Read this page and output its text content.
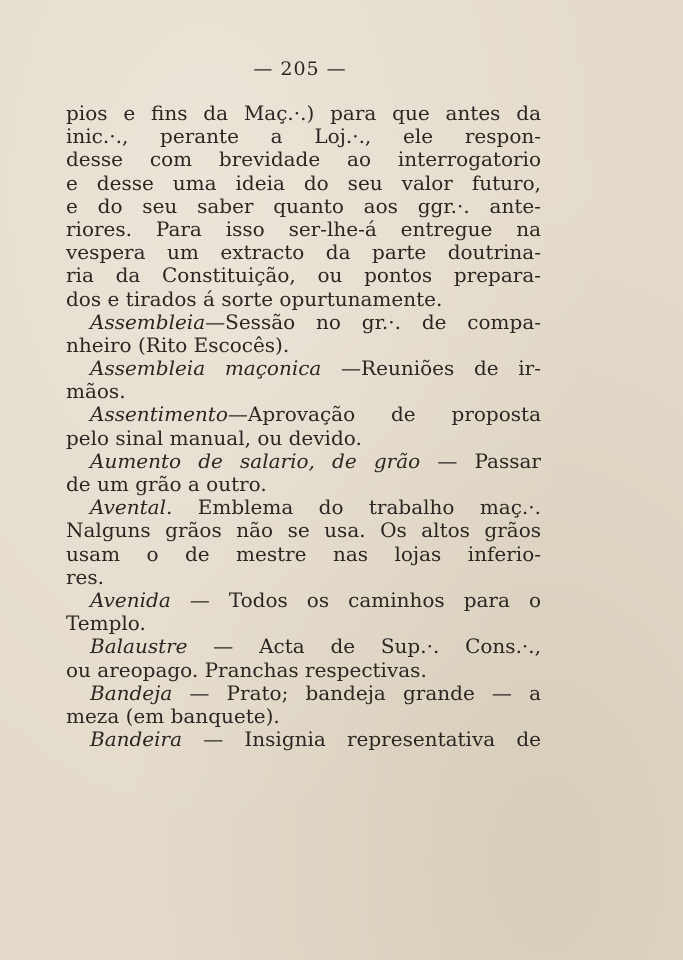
— 205 —
pios e fins da Maç.·.) para que antes da
inic.·., perante a Loj.·., ele respon-
desse com brevidade ao interrogatorio
e desse uma ideia do seu valor futuro,
e do seu saber quanto aos ggr.·. ante-
riores. Para isso ser-lhe-á entregue na
vespera um extracto da parte doutrina-
ria da Constituição, ou pontos prepara-
dos e tirados á sorte opurtunamente.
Assembleia—Sessão no gr.·. de compa-
nheiro (Rito Escocês).
Assembleia maçonica —Reuniões de ir-
mãos.
Assentimento—Aprovação de proposta
pelo sinal manual, ou devido.
Aumento de salario, de grão — Passar
de um grão a outro.
Avental. Emblema do trabalho maç.·.
Nalguns grãos não se usa. Os altos grãos
usam o de mestre nas lojas inferio-
res.
Avenida — Todos os caminhos para o
Templo.
Balaustre — Acta de Sup.·. Cons.·.,
ou areopago. Pranchas respectivas.
Bandeja — Prato; bandeja grande — a
meza (em banquete).
Bandeira — Insignia representativa de
